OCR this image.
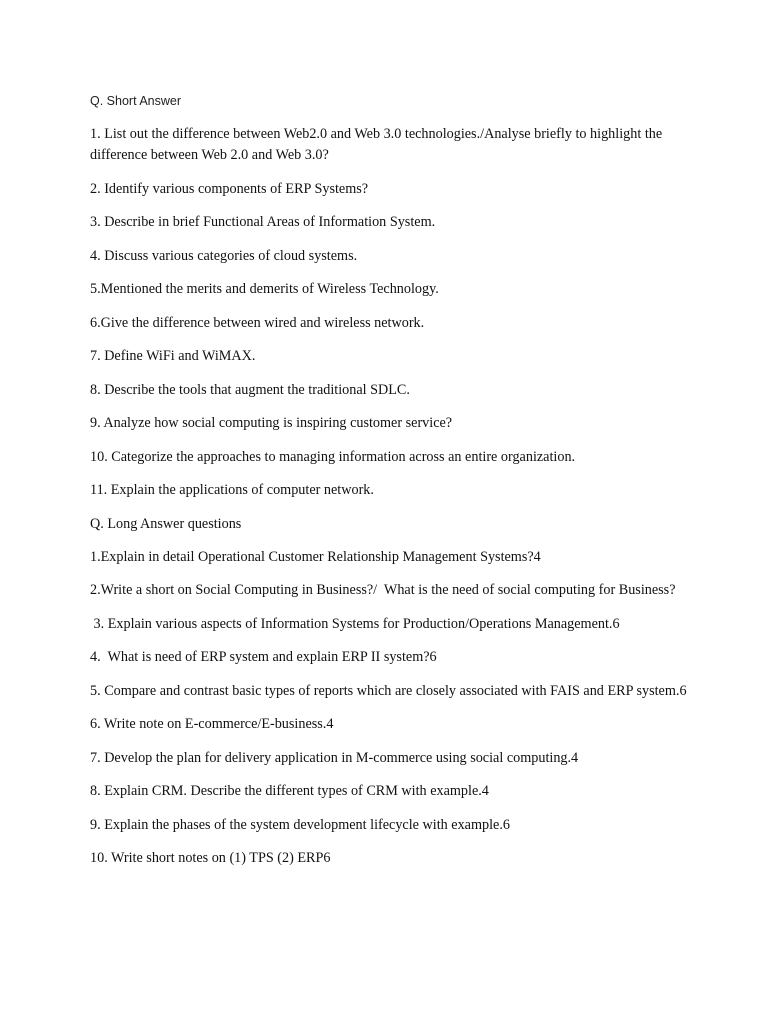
Q. Short Answer
1. List out the difference between Web2.0 and Web 3.0 technologies./Analyse briefly to highlight the difference between Web 2.0 and Web 3.0?
2. Identify various components of ERP Systems?
3. Describe in brief Functional Areas of Information System.
4. Discuss various categories of cloud systems.
5.Mentioned the merits and demerits of Wireless Technology.
6.Give the difference between wired and wireless network.
7. Define WiFi and WiMAX.
8. Describe the tools that augment the traditional SDLC.
9. Analyze how social computing is inspiring customer service?
10. Categorize the approaches to managing information across an entire organization.
11. Explain the applications of computer network.
Q. Long Answer questions
1.Explain in detail Operational Customer Relationship Management Systems?4
2.Write a short on Social Computing in Business?/  What is the need of social computing for Business?
3. Explain various aspects of Information Systems for Production/Operations Management.6
4.  What is need of ERP system and explain ERP II system?6
5. Compare and contrast basic types of reports which are closely associated with FAIS and ERP system.6
6. Write note on E-commerce/E-business.4
7. Develop the plan for delivery application in M-commerce using social computing.4
8. Explain CRM. Describe the different types of CRM with example.4
9. Explain the phases of the system development lifecycle with example.6
10. Write short notes on (1) TPS (2) ERP6
